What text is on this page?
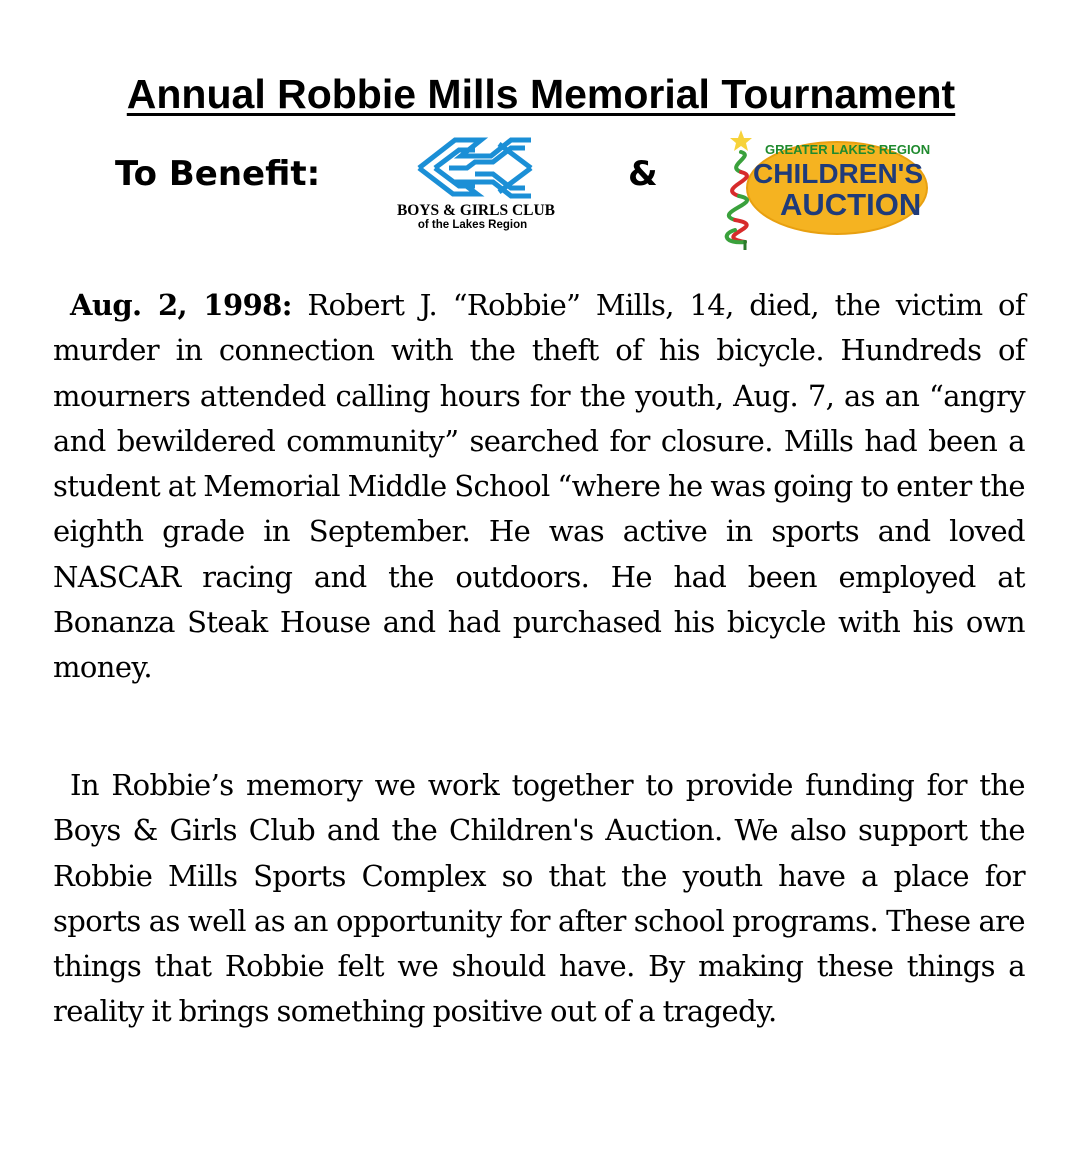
Annual Robbie Mills Memorial Tournament
To Benefit:
BOYS & GIRLS CLUB
of the Lakes Region
&
GREATER LAKES REGION
CHILDREN'S
AUCTION
Aug. 2, 1998: Robert J. “Robbie” Mills, 14, died, the victim of murder in connection with the theft of his bicycle. Hundreds of mourners attended calling hours for the youth, Aug. 7, as an “angry and bewildered community” searched for closure. Mills had been a student at Memorial Middle School “where he was going to enter the eighth grade in September. He was active in sports and loved NASCAR racing and the outdoors. He had been employed at Bonanza Steak House and had purchased his bicycle with his own money.
In Robbie’s memory we work together to provide funding for the Boys & Girls Club and the Children's Auction. We also support the Robbie Mills Sports Complex so that the youth have a place for sports as well as an opportunity for after school programs. These are things that Robbie felt we should have. By making these things a reality it brings something positive out of a tragedy.
